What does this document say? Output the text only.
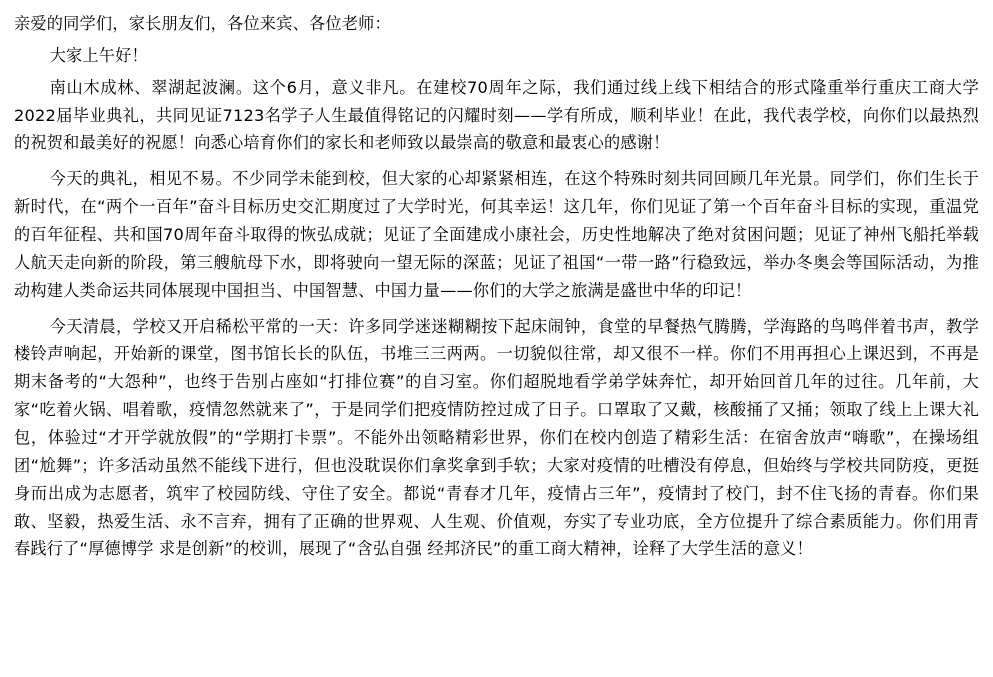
亲爱的同学们，家长朋友们，各位来宾、各位老师：

大家上午好！

南山木成林、翠湖起波澜。这个6月，意义非凡。在建校70周年之际，我们通过线上线下相结合的形式隆重举行重庆工商大学2022届毕业典礼，共同见证7123名学子人生最值得铭记的闪耀时刻——学有所成，顺利毕业！在此，我代表学校，向你们以最热烈的祝贺和最美好的祝愿！向悉心培育你们的家长和老师致以最崇高的敬意和最衷心的感谢！

今天的典礼，相见不易。不少同学未能到校，但大家的心却紧紧相连，在这个特殊时刻共同回顾几年光景。同学们，你们生长于新时代，在“两个一百年”奋斗目标历史交汇期度过了大学时光，何其幸运！这几年，你们见证了第一个百年奋斗目标的实现，重温党的百年征程、共和国70周年奋斗取得的恢弘成就；见证了全面建成小康社会，历史性地解决了绝对贫困问题；见证了神州飞船托举载人航天走向新的阶段，第三艘航母下水，即将驶向一望无际的深蓝；见证了祖国“一带一路”行稳致远，举办冬奥会等国际活动，为推动构建人类命运共同体展现中国担当、中国智慧、中国力量——你们的大学之旅满是盛世中华的印记！

今天清晨，学校又开启稀松平常的一天：许多同学迷迷糊糊按下起床闹钟，食堂的早餐热气腾腾，学海路的鸟鸣伴着书声，教学楼铃声响起，开始新的课堂，图书馆长长的队伍，书堆三三两两。一切貌似往常，却又很不一样。你们不用再担心上课迟到，不再是期末备考的“大怨种”，也终于告别占座如“打排位赛”的自习室。你们超脱地看学弟学妹奔忙，却开始回首几年的过往。几年前，大家“吃着火锅、唱着歌，疫情忽然就来了”，于是同学们把疫情防控过成了日子。口罩取了又戴，核酸捅了又捅；领取了线上上课大礼包，体验过“才开学就放假”的“学期打卡票”。不能外出领略精彩世界，你们在校内创造了精彩生活：在宿舍放声“嗨歌”，在操场组团“尬舞”；许多活动虽然不能线下进行，但也没耽误你们拿奖拿到手软；大家对疫情的吐槽没有停息，但始终与学校共同防疫，更挺身而出成为志愿者，筑牢了校园防线、守住了安全。都说“青春才几年，疫情占三年”，疫情封了校门，封不住飞扬的青春。你们果敢、坚毅，热爱生活、永不言弃，拥有了正确的世界观、人生观、价值观，夯实了专业功底，全方位提升了综合素质能力。你们用青春践行了“厚德博学 求是创新”的校训，展现了“含弘自强 经邦济民”的重工商大精神，诠释了大学生活的意义！
